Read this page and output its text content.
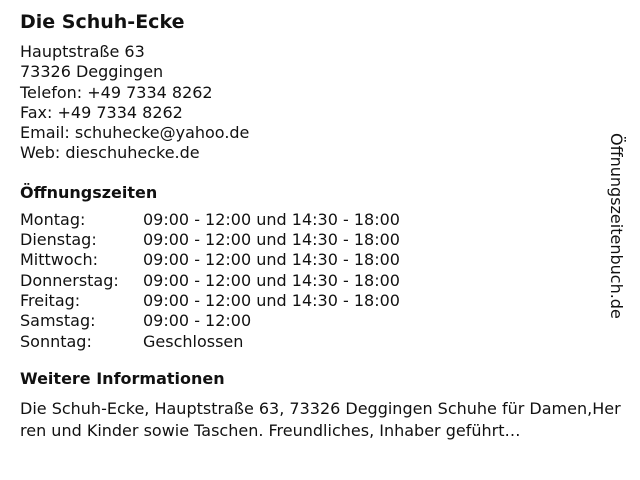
Die Schuh-Ecke
Hauptstraße 63
73326 Deggingen
Telefon: +49 7334 8262
Fax: +49 7334 8262
Email: schuhecke@yahoo.de
Web: dieschuhecke.de
Öffnungszeiten
Montag:	09:00 - 12:00 und 14:30 - 18:00
Dienstag:	09:00 - 12:00 und 14:30 - 18:00
Mittwoch:	09:00 - 12:00 und 14:30 - 18:00
Donnerstag:	09:00 - 12:00 und 14:30 - 18:00
Freitag:	09:00 - 12:00 und 14:30 - 18:00
Samstag:	09:00 - 12:00
Sonntag:	Geschlossen
Weitere Informationen
Die Schuh-Ecke, Hauptstraße 63, 73326 Deggingen Schuhe für Damen,Herren und Kinder sowie Taschen. Freundliches, Inhaber geführt…
Öffnungszeitenbuch.de
